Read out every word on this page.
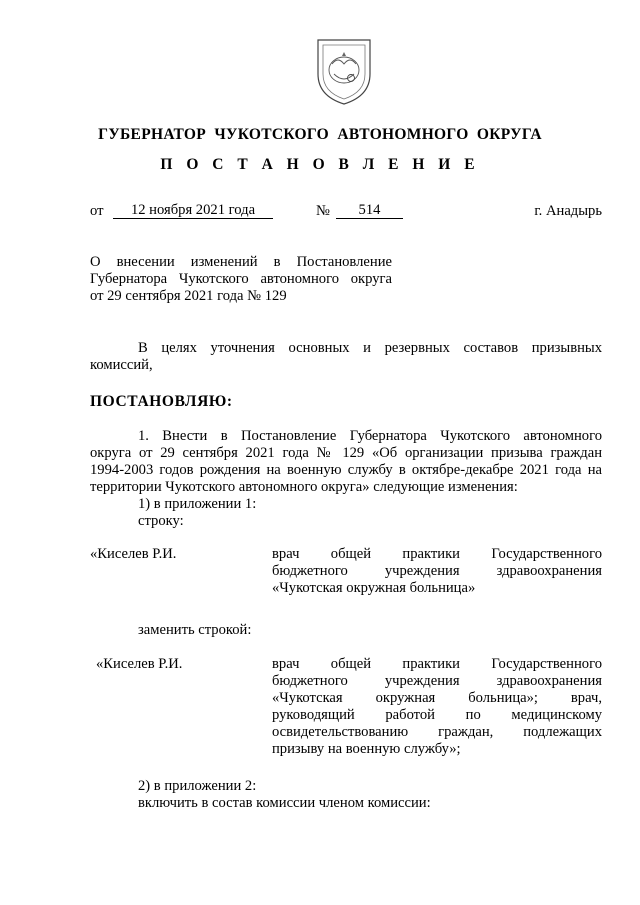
ГУБЕРНАТОР  ЧУКОТСКОГО  АВТОНОМНОГО  ОКРУГА
П О С Т А Н О В Л Е Н И Е
от	12 ноября 2021 года	№	514	г. Анадырь
О внесении изменений в Постановление
Губернатора Чукотского автономного округа
от 29 сентября 2021 года № 129
В   целях   уточнения   основных   и   резервных   составов   призывных
комиссий,
ПОСТАНОВЛЯЮ:
1. Внести в Постановление Губернатора Чукотского автономного
округа от 29 сентября 2021 года № 129 «Об организации призыва граждан
1994-2003 годов рождения на военную службу в октябре-декабре 2021 года на
территории Чукотского автономного округа» следующие изменения:
1) в приложении 1:
строку:
«Киселев Р.И.	врач        общей        практики        Государственного
бюджетного          учреждения          здравоохранения
«Чукотская окружная больница»
заменить строкой:
«Киселев Р.И.	врач        общей        практики        Государственного
бюджетного          учреждения          здравоохранения
«Чукотская        окружная        больница»;        врач,
руководящий        работой        по        медицинскому
освидетельствованию        граждан,        подлежащих
призыву на военную службу»;
2) в приложении 2:
включить в состав комиссии членом комиссии:
